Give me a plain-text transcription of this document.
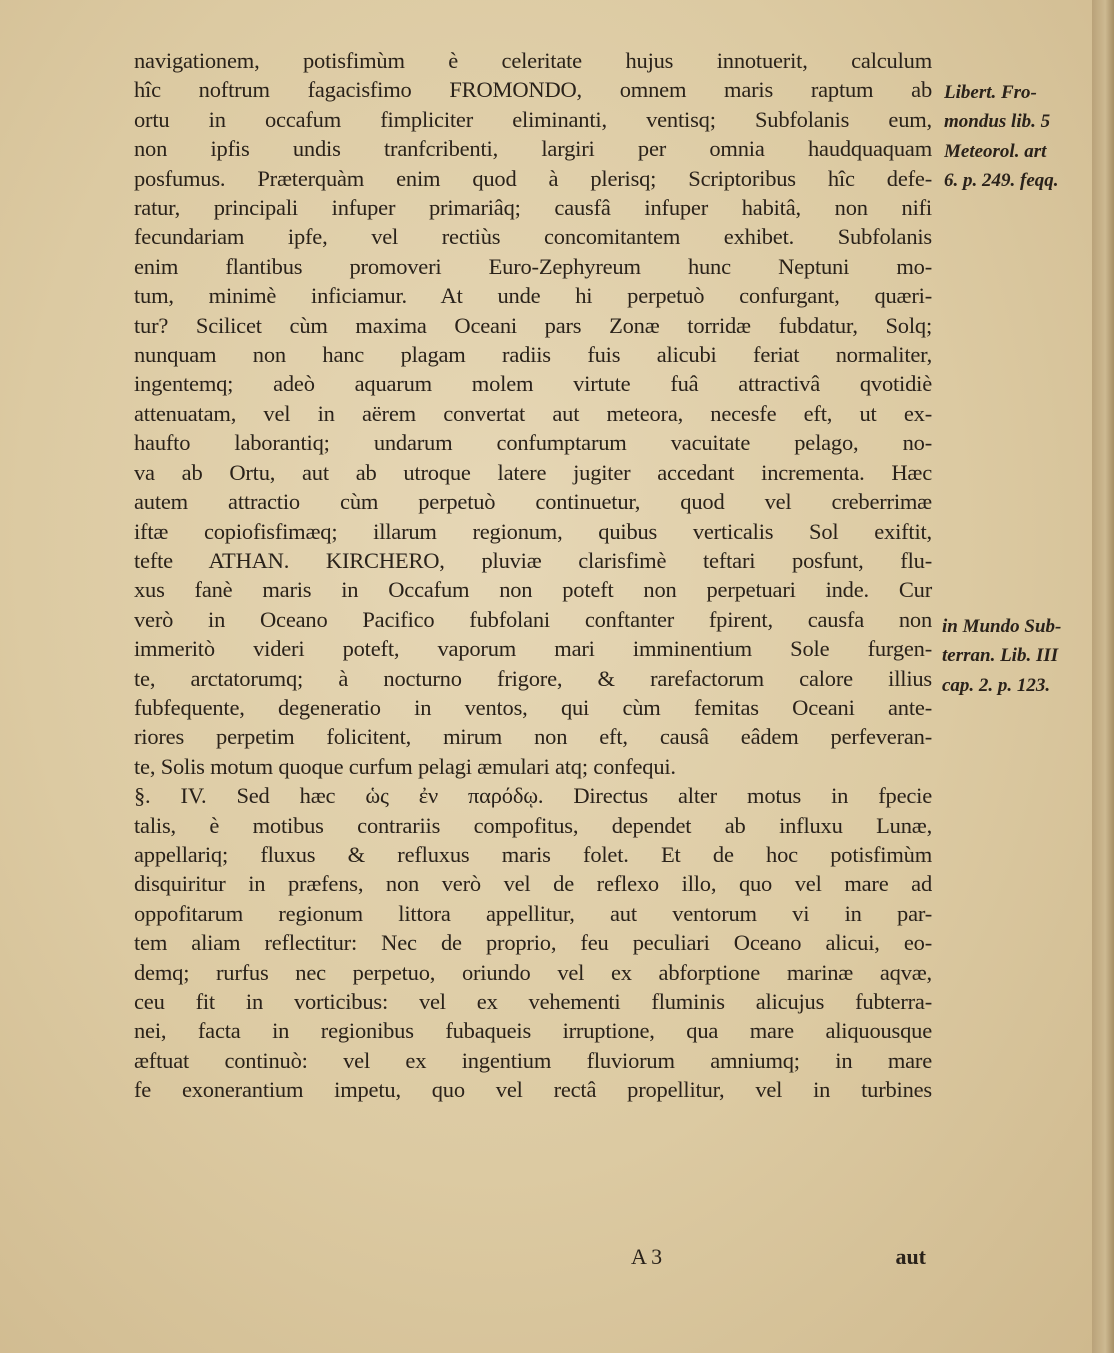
navigationem, potisfimùm è celeritate hujus innotuerit, calculum
hîc noftrum fagacisfimo FROMONDO, omnem maris raptum ab
ortu in occafum fimpliciter eliminanti, ventisq; Subfolanis eum,
non ipfis undis tranfcribenti, largiri per omnia haudquaquam
posfumus. Præterquàm enim quod à plerisq; Scriptoribus hîc defe-
ratur, principali infuper primariâq; causfâ infuper habitâ, non nifi
fecundariam ipfe, vel rectiùs concomitantem exhibet. Subfolanis
enim flantibus promoveri Euro-Zephyreum hunc Neptuni mo-
tum, minimè inficiamur. At unde hi perpetuò confurgant, quæri-
tur? Scilicet cùm maxima Oceani pars Zonæ torridæ fubdatur, Solq;
nunquam non hanc plagam radiis fuis alicubi feriat normaliter,
ingentemq; adeò aquarum molem virtute fuâ attractivâ qvotidiè
attenuatam, vel in aërem convertat aut meteora, necesfe eft, ut ex-
haufto laborantiq; undarum confumptarum vacuitate pelago, no-
va ab Ortu, aut ab utroque latere jugiter accedant incrementa. Hæc
autem attractio cùm perpetuò continuetur, quod vel creberrimæ
iftæ copiofisfimæq; illarum regionum, quibus verticalis Sol exiftit,
tefte ATHAN. KIRCHERO, pluviæ clarisfimè teftari posfunt, flu-
xus fanè maris in Occafum non poteft non perpetuari inde. Cur
verò in Oceano Pacifico fubfolani conftanter fpirent, causfa non
immeritò videri poteft, vaporum mari imminentium Sole furgen-
te, arctatorumq; à nocturno frigore, & rarefactorum calore illius
fubfequente, degeneratio in ventos, qui cùm femitas Oceani ante-
riores perpetim folicitent, mirum non eft, causâ eâdem perfeveran-
te, Solis motum quoque curfum pelagi æmulari atq; confequi.
§. IV. Sed hæc ὡς ἐν παρόδῳ. Directus alter motus in fpecie
talis, è motibus contrariis compofitus, dependet ab influxu Lunæ,
appellariq; fluxus & refluxus maris folet. Et de hoc potisfimùm
disquiritur in præfens, non verò vel de reflexo illo, quo vel mare ad
oppofitarum regionum littora appellitur, aut ventorum vi in par-
tem aliam reflectitur: Nec de proprio, feu peculiari Oceano alicui, eo-
demq; rurfus nec perpetuo, oriundo vel ex abforptione marinæ aqvæ,
ceu fit in vorticibus: vel ex vehementi fluminis alicujus fubterra-
nei, facta in regionibus fubaqueis irruptione, qua mare aliquousque
æftuat continuò: vel ex ingentium fluviorum amniumq; in mare
fe exonerantium impetu, quo vel rectâ propellitur, vel in turbines
Libert. Fro-
mondus lib. 5
Meteorol. art
6. p. 249. feqq.
in Mundo Sub-
terran. Lib. III
cap. 2. p. 123.
A 3	aut
